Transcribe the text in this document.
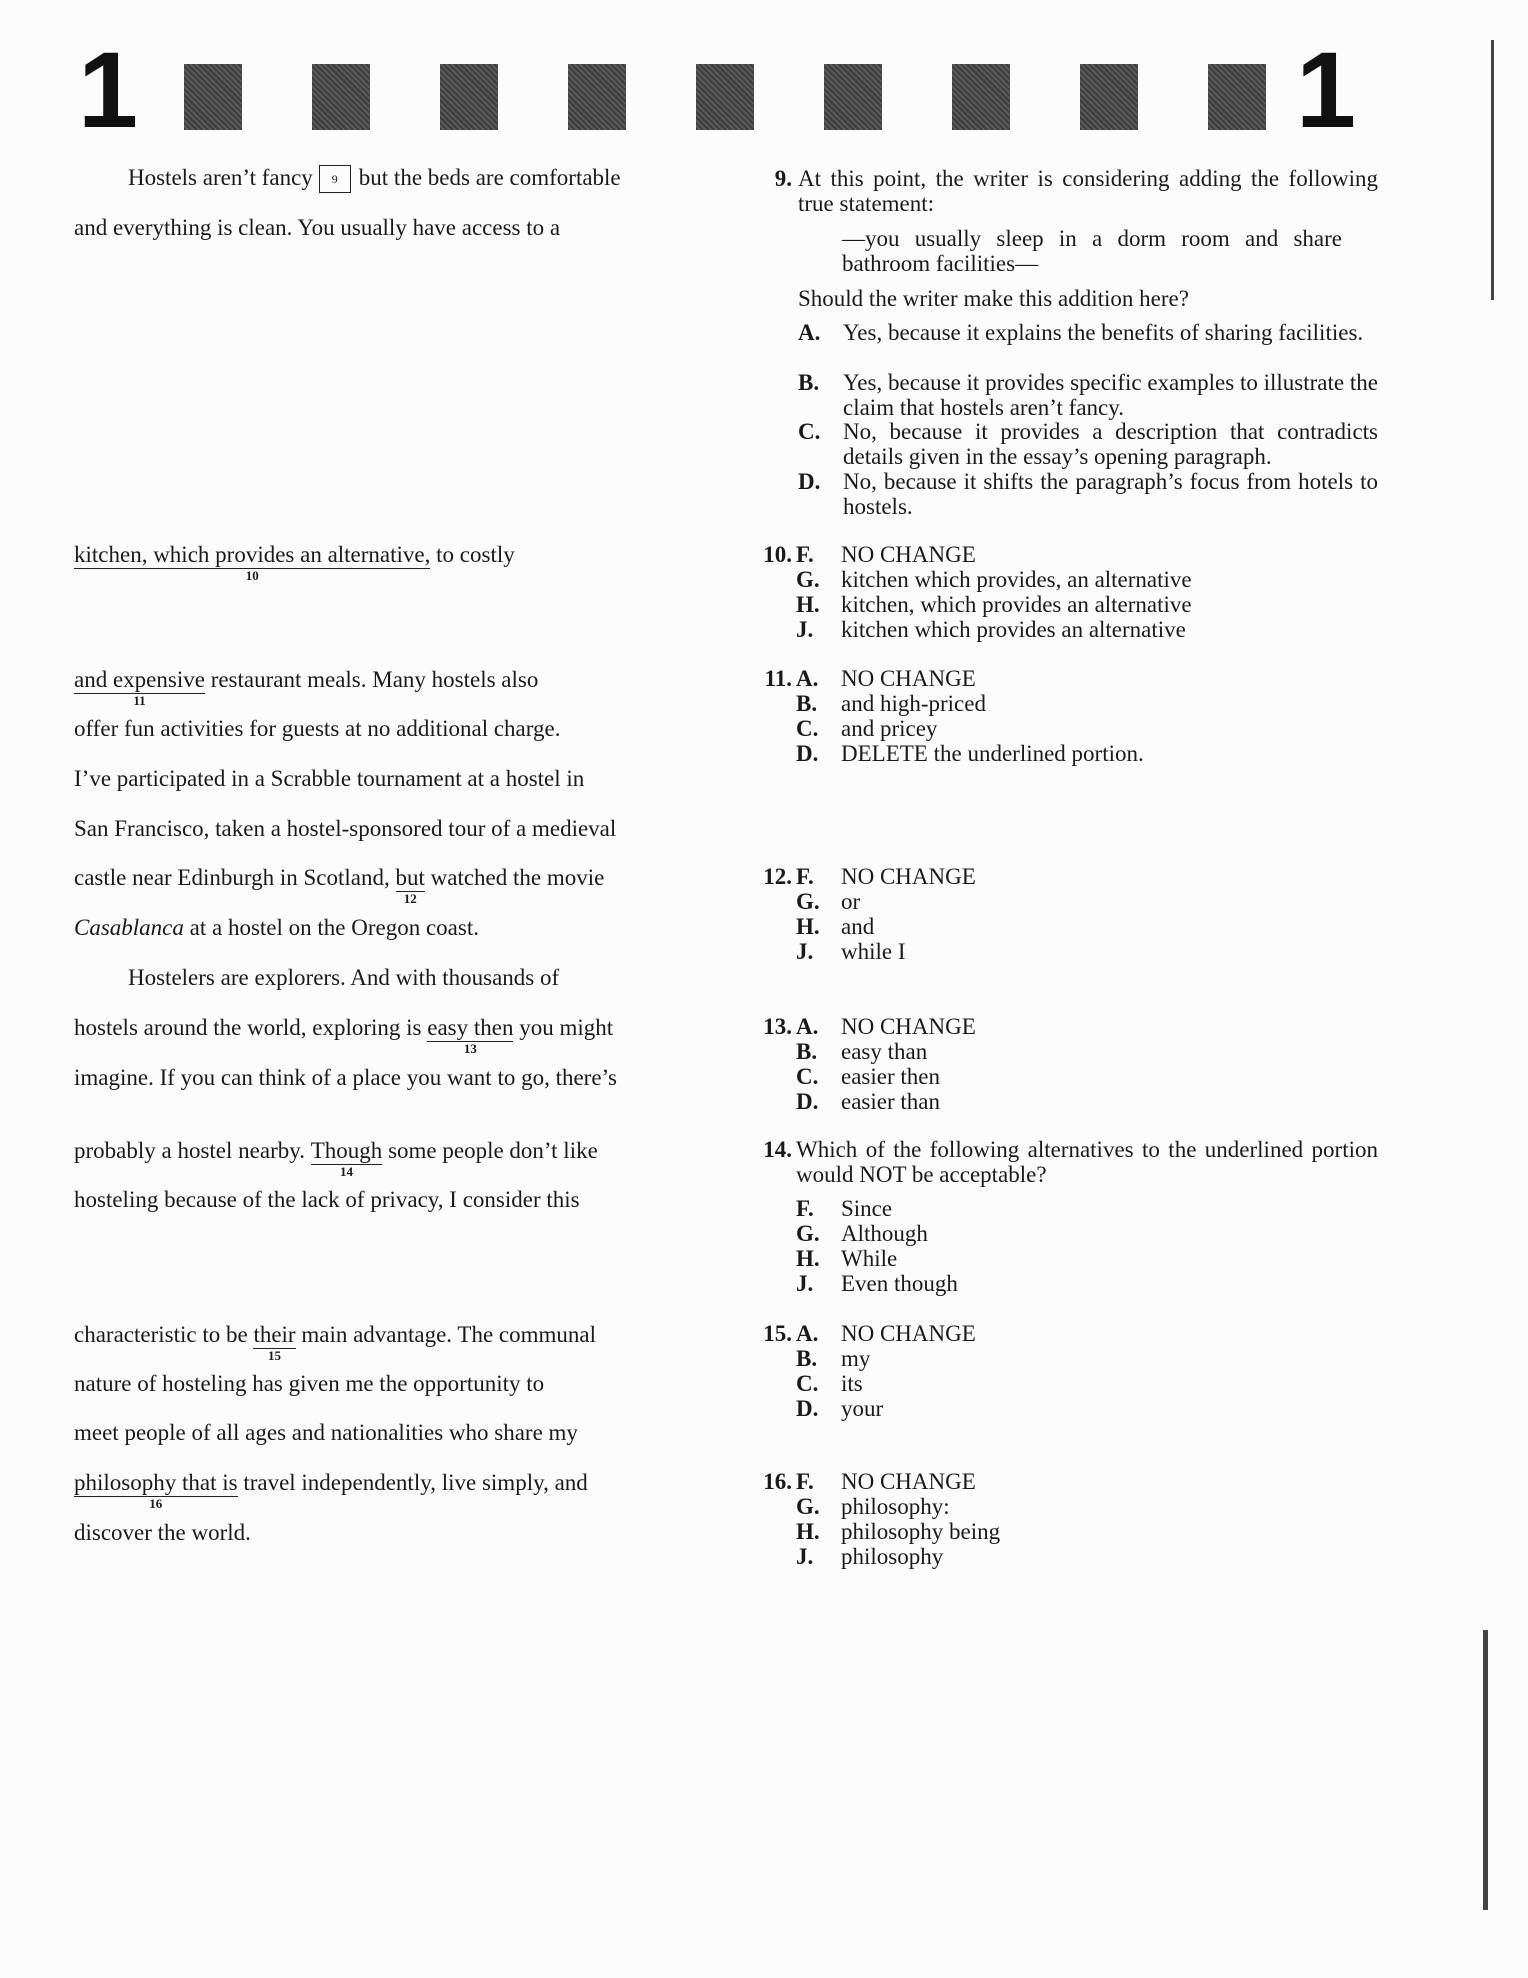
1	1
Hostels aren’t fancy 9 but the beds are comfortable
and everything is clean. You usually have access to a
kitchen, which provides an alternative,
10
to costly
and expensive
11
restaurant meals. Many hostels also
offer fun activities for guests at no additional charge.
I’ve participated in a Scrabble tournament at a hostel in
San Francisco, taken a hostel-sponsored tour of a medieval
castle near Edinburgh in Scotland, but
12
watched the movie
Casablanca at a hostel on the Oregon coast.
Hostelers are explorers. And with thousands of
hostels around the world, exploring is easy then
13
you might
imagine. If you can think of a place you want to go, there’s
probably a hostel nearby. Though
14
some people don’t like
hosteling because of the lack of privacy, I consider this
characteristic to be their
15
main advantage. The communal
nature of hosteling has given me the opportunity to
meet people of all ages and nationalities who share my
philosophy that is
16
travel independently, live simply, and
discover the world.
9. At this point, the writer is considering adding the following true statement:
—you usually sleep in a dorm room and share bathroom facilities—
Should the writer make this addition here?
A. Yes, because it explains the benefits of sharing facilities.
B.	Yes, because it provides specific examples to illustrate the claim that hostels aren’t fancy.
C. No, because it provides a description that contradicts details given in the essay’s opening paragraph.
D. No, because it shifts the paragraph’s focus from hotels to hostels.
10. F.	NO CHANGE
G. kitchen which provides, an alternative
H. kitchen, which provides an alternative
J.	kitchen which provides an alternative
11. A. NO CHANGE
B.	and high-priced
C. and pricey
D. DELETE the underlined portion.
12. F.	NO CHANGE
G. or
H. and
J.	while I
13. A. NO CHANGE
B.	easy than
C. easier then
D. easier than
14. Which of the following alternatives to the underlined portion would NOT be acceptable?
F.	Since
G. Although
H. While
J.	Even though
15. A. NO CHANGE
B.	my
C. its
D. your
16. F.	NO CHANGE
G. philosophy:
H. philosophy being
J.	philosophy
